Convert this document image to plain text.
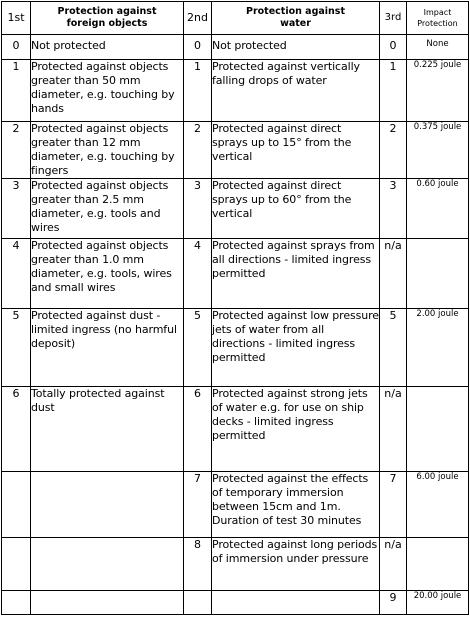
1st	Protection against foreign objects	2nd	Protection against water	3rd	Impact Protection
0	Not protected	0	Not protected	0	None
1	Protected against objects greater than 50 mm diameter, e.g. touching by hands	1	Protected against vertically falling drops of water	1	0.225 joule
2	Protected against objects greater than 12 mm diameter, e.g. touching by fingers	2	Protected against direct sprays up to 15° from the vertical	2	0.375 joule
3	Protected against objects greater than 2.5 mm diameter, e.g. tools and wires	3	Protected against direct sprays up to 60° from the vertical	3	0.60 joule
4	Protected against objects greater than 1.0 mm diameter, e.g. tools, wires and small wires	4	Protected against sprays from all directions - limited ingress permitted	n/a	
5	Protected against dust - limited ingress (no harmful deposit)	5	Protected against low pressure jets of water from all directions - limited ingress permitted	5	2.00 joule
6	Totally protected against dust	6	Protected against strong jets of water e.g. for use on ship decks - limited ingress permitted	n/a	
		7	Protected against the effects of temporary immersion between 15cm and 1m. Duration of test 30 minutes	7	6.00 joule
		8	Protected against long periods of immersion under pressure	n/a	
				9	20.00 joule
